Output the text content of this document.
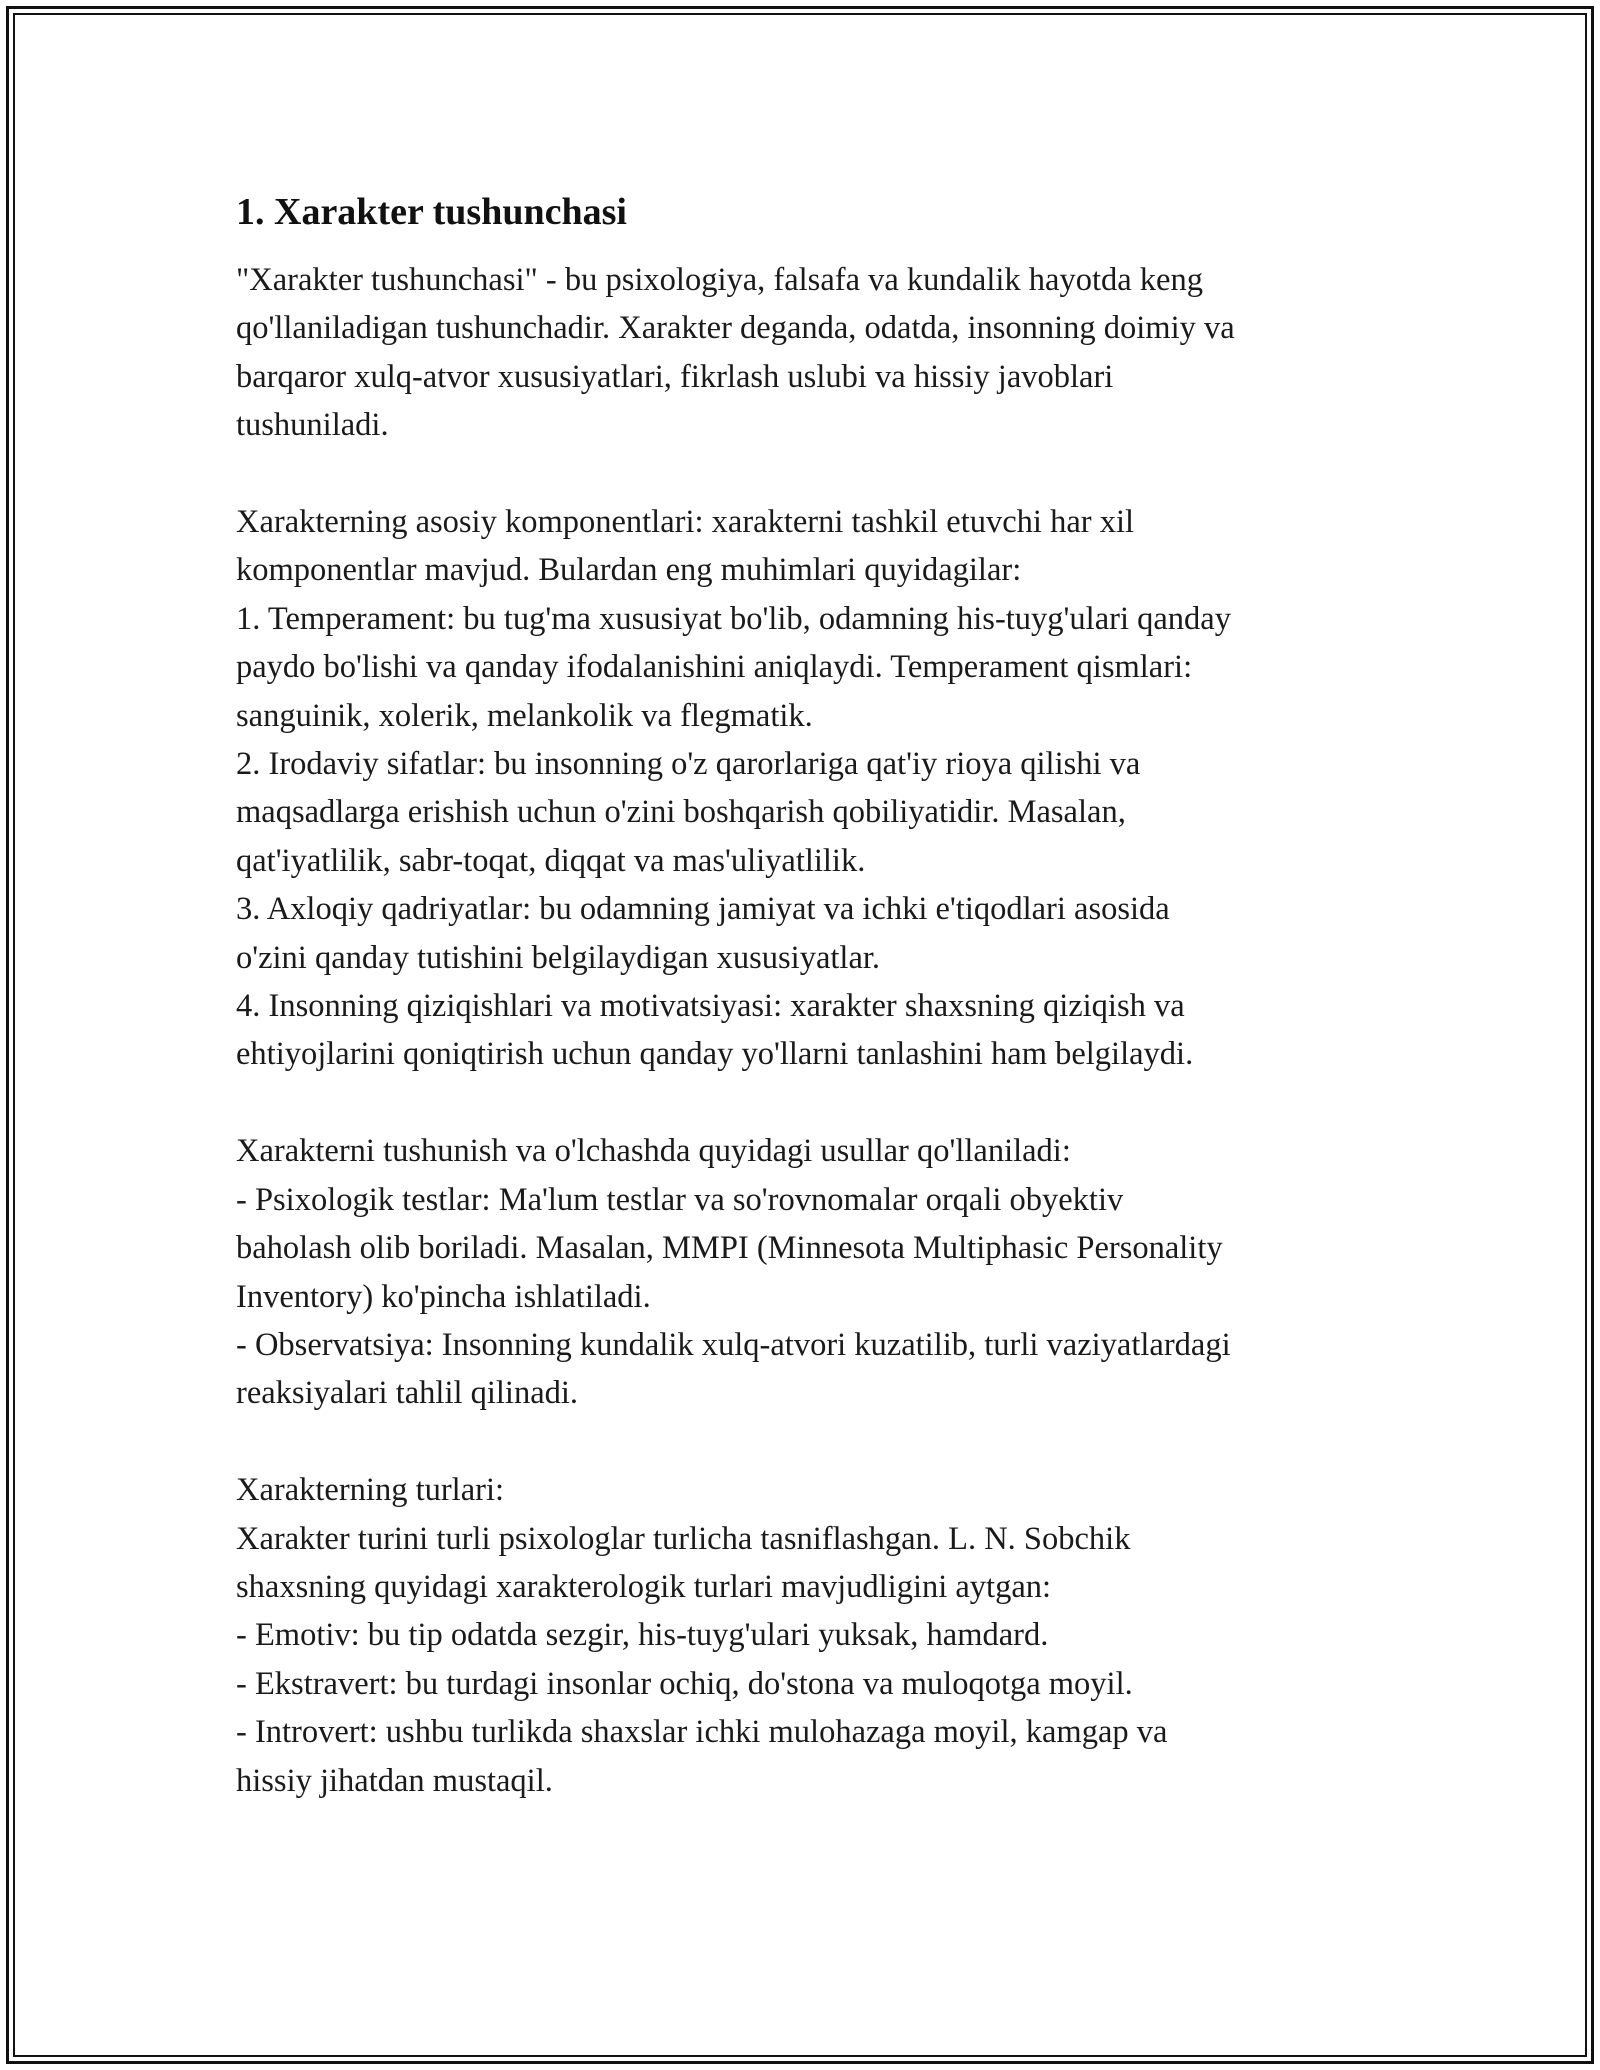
1. Xarakter tushunchasi

"Xarakter tushunchasi" - bu psixologiya, falsafa va kundalik hayotda keng
qo'llaniladigan tushunchadir. Xarakter deganda, odatda, insonning doimiy va
barqaror xulq-atvor xususiyatlari, fikrlash uslubi va hissiy javoblari
tushuniladi.

Xarakterning asosiy komponentlari: xarakterni tashkil etuvchi har xil
komponentlar mavjud. Bulardan eng muhimlari quyidagilar:
1. Temperament: bu tug'ma xususiyat bo'lib, odamning his-tuyg'ulari qanday
paydo bo'lishi va qanday ifodalanishini aniqlaydi. Temperament qismlari:
sanguinik, xolerik, melankolik va flegmatik.
2. Irodaviy sifatlar: bu insonning o'z qarorlariga qat'iy rioya qilishi va
maqsadlarga erishish uchun o'zini boshqarish qobiliyatidir. Masalan,
qat'iyatlilik, sabr-toqat, diqqat va mas'uliyatlilik.
3. Axloqiy qadriyatlar: bu odamning jamiyat va ichki e'tiqodlari asosida
o'zini qanday tutishini belgilaydigan xususiyatlar.
4. Insonning qiziqishlari va motivatsiyasi: xarakter shaxsning qiziqish va
ehtiyojlarini qoniqtirish uchun qanday yo'llarni tanlashini ham belgilaydi.

Xarakterni tushunish va o'lchashda quyidagi usullar qo'llaniladi:
- Psixologik testlar: Ma'lum testlar va so'rovnomalar orqali obyektiv
baholash olib boriladi. Masalan, MMPI (Minnesota Multiphasic Personality
Inventory) ko'pincha ishlatiladi.
- Observatsiya: Insonning kundalik xulq-atvori kuzatilib, turli vaziyatlardagi
reaksiyalari tahlil qilinadi.

Xarakterning turlari:
Xarakter turini turli psixologlar turlicha tasniflashgan. L. N. Sobchik
shaxsning quyidagi xarakterologik turlari mavjudligini aytgan:
- Emotiv: bu tip odatda sezgir, his-tuyg'ulari yuksak, hamdard.
- Ekstravert: bu turdagi insonlar ochiq, do'stona va muloqotga moyil.
- Introvert: ushbu turlikda shaxslar ichki mulohazaga moyil, kamgap va
hissiy jihatdan mustaqil.
